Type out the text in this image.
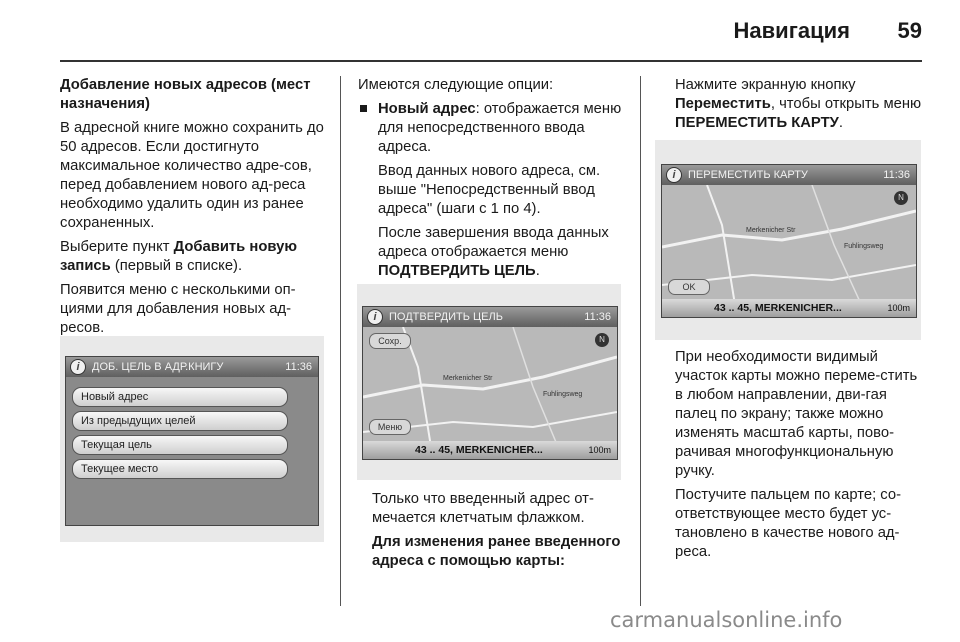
Навигация	59

Добавление новых адресов (мест назначения)

В адресной книге можно сохранить до 50 адресов. Если достигнуто максимальное количество адре-сов, перед добавлением нового ад-реса необходимо удалить один из ранее сохраненных.

Выберите пункт Добавить новую запись (первый в списке).

Появится меню с несколькими оп-циями для добавления новых ад-ресов.

i	ДОБ. ЦЕЛЬ В АДР.КНИГУ	11:36
Новый адрес
Из предыдущих целей
Текущая цель
Текущее место

Имеются следующие опции:

Новый адрес: отображается меню для непосредственного ввода адреса.

Ввод данных нового адреса, см. выше "Непосредственный ввод адреса" (шаги с 1 по 4).

После завершения ввода данных адреса отображается меню ПОДТВЕРДИТЬ ЦЕЛЬ.

i	ПОДТВЕРДИТЬ ЦЕЛЬ	11:36
Merkenicher Str
Fuhlingsweg
N
Сохр.
Меню
43 .. 45, MERKENICHER...	100m

Только что введенный адрес от-мечается клетчатым флажком.

Для изменения ранее введенного адреса с помощью карты:

Нажмите экранную кнопку Переместить, чтобы открыть меню ПЕРЕМЕСТИТЬ КАРТУ.

i	ПЕРЕМЕСТИТЬ КАРТУ	11:36
Merkenicher Str
Fuhlingsweg
N
OK
43 .. 45, MERKENICHER...	100m

При необходимости видимый участок карты можно переме-стить в любом направлении, дви-гая палец по экрану; также можно изменять масштаб карты, пово-рачивая многофункциональную ручку.

Постучите пальцем по карте; со-ответствующее место будет ус-тановлено в качестве нового ад-реса.

carmanualsonline.info
